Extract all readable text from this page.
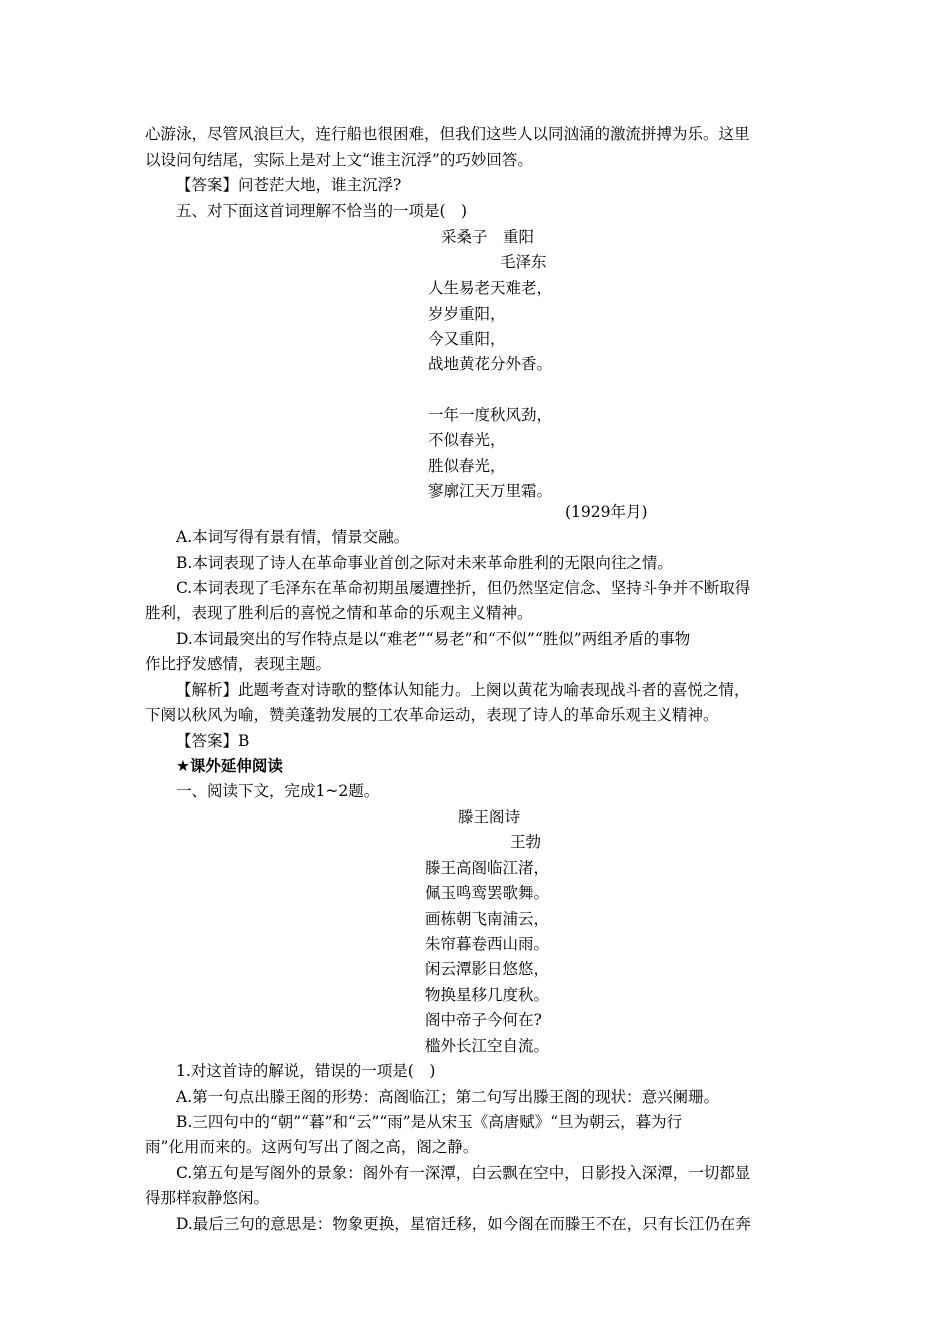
心游泳，尽管风浪巨大，连行船也很困难，但我们这些人以同汹涌的激流拼搏为乐。这里
以设问句结尾，实际上是对上文“谁主沉浮”的巧妙回答。
【答案】问苍茫大地，谁主沉浮?
五、对下面这首词理解不恰当的一项是(　)
采桑子　重阳
毛泽东
人生易老天难老，
岁岁重阳，
今又重阳，
战地黄花分外香。
一年一度秋风劲，
不似春光，
胜似春光，
寥廓江天万里霜。
(1929年月)
A.本词写得有景有情，情景交融。
B.本词表现了诗人在革命事业首创之际对未来革命胜利的无限向往之情。
C.本词表现了毛泽东在革命初期虽屡遭挫折，但仍然坚定信念、坚持斗争并不断取得
胜利，表现了胜利后的喜悦之情和革命的乐观主义精神。
D.本词最突出的写作特点是以“难老”“易老”和“不似”“胜似”两组矛盾的事物
作比抒发感情，表现主题。
【解析】此题考查对诗歌的整体认知能力。上阕以黄花为喻表现战斗者的喜悦之情，
下阕以秋风为喻，赞美蓬勃发展的工农革命运动，表现了诗人的革命乐观主义精神。
【答案】B
★课外延伸阅读
一、阅读下文，完成1~2题。
滕王阁诗
王勃
滕王高阁临江渚，
佩玉鸣鸾罢歌舞。
画栋朝飞南浦云，
朱帘暮卷西山雨。
闲云潭影日悠悠，
物换星移几度秋。
阁中帝子今何在?
槛外长江空自流。
1.对这首诗的解说，错误的一项是(　)
A.第一句点出滕王阁的形势：高阁临江；第二句写出滕王阁的现状：意兴阑珊。
B.三四句中的“朝”“暮”和“云”“雨”是从宋玉《高唐赋》“旦为朝云，暮为行
雨”化用而来的。这两句写出了阁之高，阁之静。
C.第五句是写阁外的景象：阁外有一深潭，白云飘在空中，日影投入深潭，一切都显
得那样寂静悠闲。
D.最后三句的意思是：物象更换，星宿迁移，如今阁在而滕王不在，只有长江仍在奔
